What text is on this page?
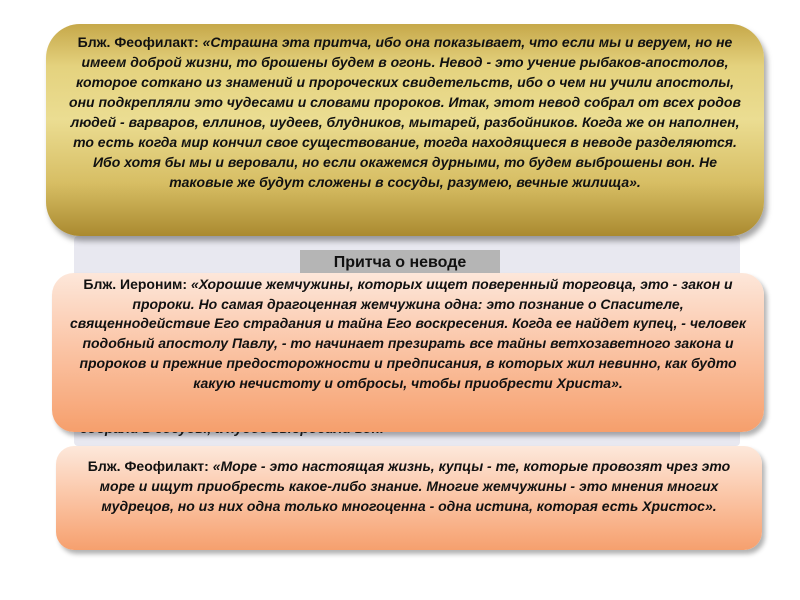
Притча о неводе
Блж. Феофилакт: «Страшна эта притча, ибо она показывает, что если мы и веруем, но не имеем доброй жизни, то брошены будем в огонь. Невод - это учение рыбаков-апостолов, которое соткано из знамений и пророческих свидетельств, ибо о чем ни учили апостолы, они подкрепляли это чудесами и словами пророков. Итак, этот невод собрал от всех родов людей - варваров, еллинов, иудеев, блудников, мытарей, разбойников. Когда же он наполнен, то есть когда мир кончил свое существование, тогда находящиеся в неводе разделяются. Ибо хотя бы мы и веровали, но если окажемся дурными, то будем выброшены вон. Не таковые же будут сложены в сосуды, разумею, вечные жилища».
Блж. Иероним: «Хорошие жемчужины, которых ищет поверенный торговца, это - закон и пророки. Но самая драгоценная жемчужина одна: это познание о Спасителе, священнодействие Его страдания и тайна Его воскресения. Когда ее найдет купец, - человек подобный апостолу Павлу, - то начинает презирать все тайны ветхозаветного закона и пророков и прежние предосторожности и предписания, в которых жил невинно, как будто какую нечистоту и отбросы, чтобы приобрести Христа».
Блж. Феофилакт: «Море - это настоящая жизнь, купцы - те, которые провозят чрез это море и ищут приобресть какое-либо знание. Многие жемчужины - это мнения многих мудрецов, но из них одна только многоценна - одна истина, которая есть Христос».
